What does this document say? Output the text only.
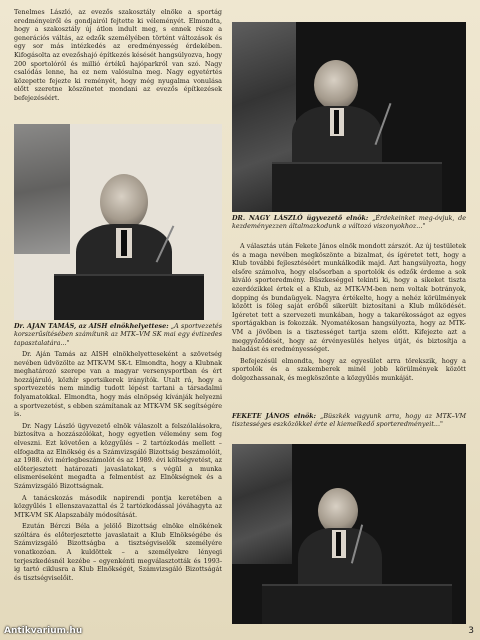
Tenelmes László, az evezős szakosztály elnöke a sportág eredményeiről és gondjairól fejtette ki véleményét. Elmondta, hogy a szakosztály új átlon indult meg, s ennek része a generációs váltás, az edzők személyében történt változások és egy sor más intézkedés az eredményesség érdekében. Kifogásolta az evezőshajó építkezés késését hangsúlyozva, hogy 200 sportolóról és millió értékű hajóparkról van szó. Nagy csalódás lenne, ha ez nem valósulna meg. Nagy egyetértés közepette fejezte ki reményét, hogy még nyugalma vonulása előtt szeretne köszönetet mondani az evezős építkezések befejezéséért.

Dr. AJAN TAMÁS, az AISH elnökhelyettese: „A sportvezetés korszerűsítésében számítunk az MTK–VM SK mai egy évtizedes tapasztalatára..."

Dr. Aján Tamás az AISH elnökhelyetteseként a szövetség nevében üdvözölte az MTK-VM SK-t. Elmondta, hogy a Klubnak meghatározó szerepe van a magyar versenysportban és ért hozzájáruló, közhír sportsikerek irányítók. Utalt rá, hogy a sportvezetés nem mindig tudott lépést tartani a társadalmi folyamatokkal. Elmondta, hogy más elnöpség kívánják helyezni a sportvezetést, s ebben számítanak az MTK-VM SK segítségére is.

Dr. Nagy László ügyvezető elnök válaszolt a felszólalásokra, biztosítva a hozzászólókat, hogy egyetlen vélemény sem fog elveszni. Ezt követően a közgyűlés – 2 tartózkodás mellett – elfogadta az Elnökség és a Számvizsgáló Bizottság beszámolóit, az 1988. évi mérlegbeszámolót és az 1989. évi költségvetést, az előterjesztett határozati javaslatokat, s végül a munka elismeréseként megadta a felmentést az Elnökségnek és a Számvizsgáló Bizottságnak.

A tanácskozás második napirendi pontja keretében a közgyűlés 1 ellenszavazattal és 2 tartózkodással jóváhagyta az MTK-VM SK Alapszabály módosítását.

Ezután Bérczi Béla a jelölő Bizottság elnöke elnökének szóltára és előterjesztette javaslatait a Klub Elnökségébe és Számvizsgáló Bizottságba a tisztségviselők személyére vonatkozóan. A kuldöttek – a személyekre lényegi terjeszkedésnél kezébe – egyenkénti megválasztották és 1993-ig tartó ciklusra a Klub Elnökségét, Számvizsgáló Bizottságát és tisztségviselőit.

DR. NAGY LÁSZLÓ ügyvezető elnök: „Érdekeinket meg-óvjuk, de kezdeményezzen általmazkodunk a változó viszonyokhoz..."

A választás után Fekete János elnök mondott zárszót. Az új testületek és a maga nevében megköszönte a bizalmat, és ígéretet tett, hogy a Klub további fejlesztéséért munkálkodik majd. Azt hangsúlyozta, hogy elsőre számolva, hogy elsősorban a sportolók és edzők érdeme a sok kiváló sporteredmény. Büszkeséggel tekinti ki, hogy a sikeket tiszta ezerdózikkel értek el a Klub, az MTK-VM-ben nem voltak botrányok, dopping és bundaügyek. Nagyra értékelte, hogy a nehéz körülmények között is fóleg saját erőből sikerült biztosítani a Klub működését. Igéretet tett a szervezeti munkában, hogy a takarékosságot az egyes sportágakban is fokozzák. Nyomatékosan hangsúlyozta, hogy az MTK-VM a jövőben is a tisztességet tartja szem előtt. Kifejezte azt a meggyőződését, hogy az érvényesülés helyes útját, és biztosítja a haladást és eredményességet.

Befejezésül elmondta, hogy az egyesület arra törekszik, hogy a sportolók és a szakemberek minél jobb körülmények között dolgozhassanak, és megköszönte a közgyűlés munkáját.

FEKETE JÁNOS elnök: „Büszkék vagyunk arra, hogy az MTK–VM tisztességes eszközökkel érte el kiemelkedő sporteredményeit..."

Antikvarium.hu	3
